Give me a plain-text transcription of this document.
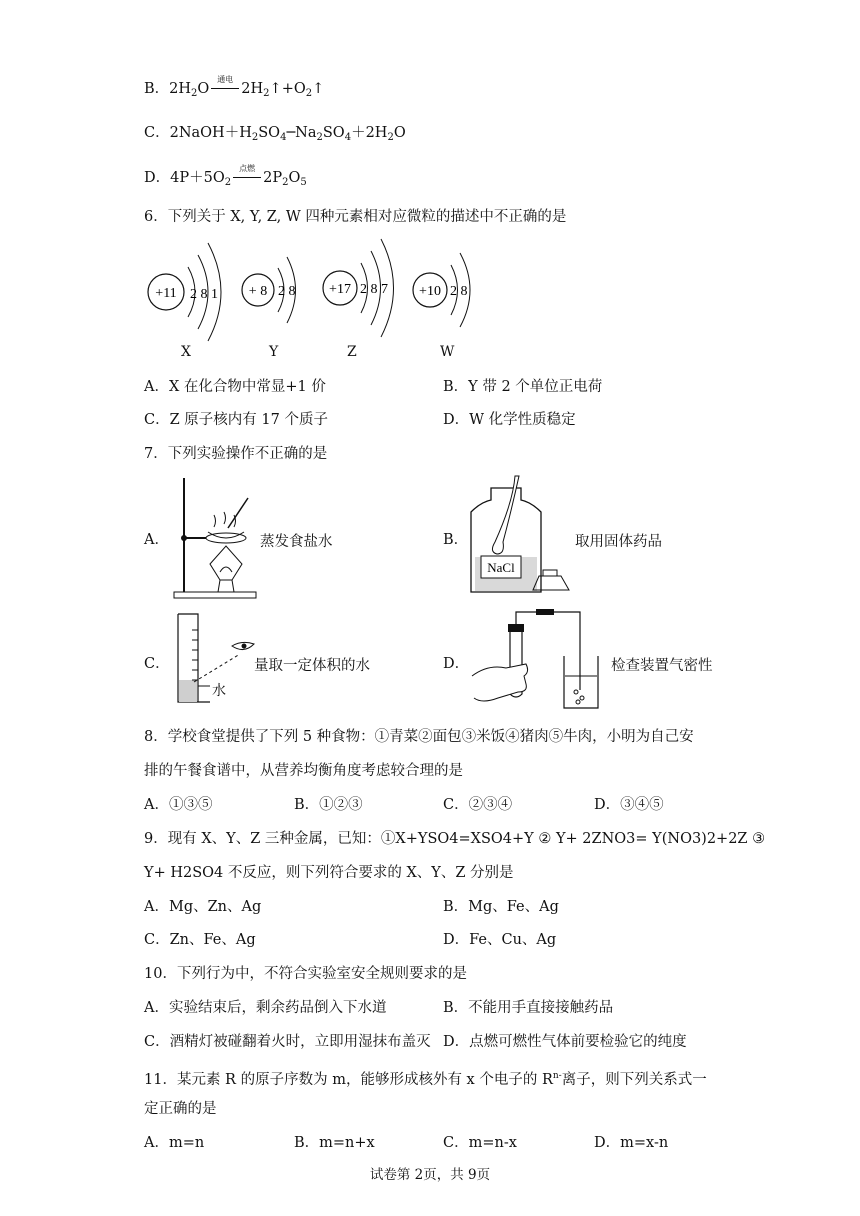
B．$2H_2O$
通电
$2H_2↑+O_2↑$
C．$2NaOH+H_2SO_4─Na_2SO_4+2H_2O$
D．$4P+5O_2$
点燃
$2P_2O_5$
6．下列关于 X, Y, Z, W 四种元素相对应微粒的描述中不正确的是
+11 2 8 1 + 8 2 8 +17 2 8 7 +10 2 8
X	Y	Z	W
A．X 在化合物中常显+1 价	B．Y 带 2 个单位正电荷
C．Z 原子核内有 17 个质子	D．W 化学性质稳定
7．下列实验操作不正确的是
A．	蒸发食盐水	B．
NaCl
取用固体药品
C．
水
量取一定体积的水	D．	检查装置气密性
8．学校食堂提供了下列 5 种食物：①青菜②面包③米饭④猪肉⑤牛肉，小明为自己安
排的午餐食谱中，从营养均衡角度考虑较合理的是
A．①③⑤	B．①②③	C．②③④	D．③④⑤
9．现有 X、Y、Z 三种金属，已知：①X+YSO4=XSO4+Y ② Y+ 2ZNO3= Y(NO3)2+2Z ③
Y+ H2SO4 不反应，则下列符合要求的 X、Y、Z 分别是
A．Mg、Zn、Ag	B．Mg、Fe、Ag
C．Zn、Fe、Ag	D．Fe、Cu、Ag
10．下列行为中，不符合实验室安全规则要求的是
A．实验结束后，剩余药品倒入下水道	B．不能用手直接接触药品
C．酒精灯被碰翻着火时，立即用湿抹布盖灭 D．点燃可燃性气体前要检验它的纯度
11．某元素 R 的原子序数为 m，能够形成核外有 x 个电子的 $R^{n-}$离子，则下列关系式一
定正确的是
A．m=n	B．m=n+x	C．m=n-x	D．m=x-n
试卷第 2页，共 9页
